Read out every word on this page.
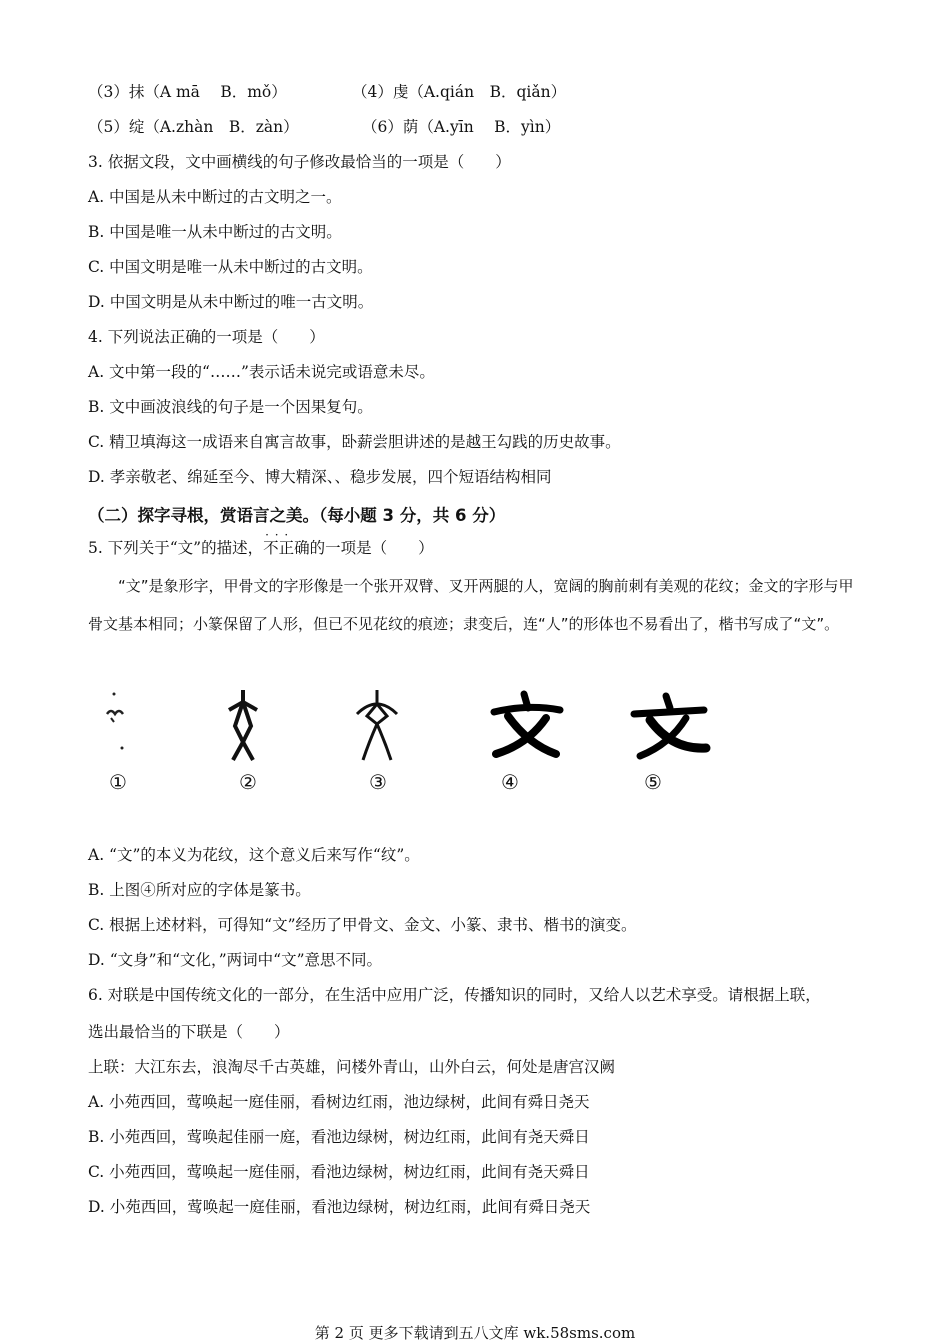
（3）抹（A mā　 B．mǒ）	（4）虔（A.qián　B．qiǎn）
（5）绽（A.zhàn　B．zàn）	（6）荫（A.yīn　 B．yìn）
3. 依据文段，文中画横线的句子修改最恰当的一项是（　　）
A. 中国是从未中断过的古文明之一。
B. 中国是唯一从未中断过的古文明。
C. 中国文明是唯一从未中断过的古文明。
D. 中国文明是从未中断过的唯一古文明。
4. 下列说法正确的一项是（　　）
A. 文中第一段的“……”表示话未说完或语意未尽。
B. 文中画波浪线的句子是一个因果复句。
C. 精卫填海这一成语来自寓言故事，卧薪尝胆讲述的是越王勾践的历史故事。
D. 孝亲敬老、绵延至今、博大精深、、稳步发展，四个短语结构相同
（二）探字寻根，赏语言之美。（每小题 3 分，共 6 分）
5. 下列关于“文”的描述，· · · 不正确的一项是（　　）

“文”是象形字，甲骨文的字形像是一个张开双臂、叉开两腿的人，宽阔的胸前刺有美观的花纹；金文的字形与甲骨文基本相同；小篆保留了人形，但已不见花纹的痕迹；隶变后，连“人”的形体也不易看出了，楷书写成了“文”。

①	②	③	④	⑤
A. “文”的本义为花纹，这个意义后来写作“纹”。
B. 上图④所对应的字体是篆书。
C. 根据上述材料，可得知“文”经历了甲骨文、金文、小篆、隶书、楷书的演变。
D. “文身”和“文化，”两词中“文”意思不同。
6. 对联是中国传统文化的一部分，在生活中应用广泛，传播知识的同时，又给人以艺术享受。请根据上联，
选出最恰当的下联是（　　）
上联：大江东去，浪淘尽千古英雄，问楼外青山，山外白云，何处是唐宫汉阙
A. 小苑西回，莺唤起一庭佳丽，看树边红雨，池边绿树，此间有舜日尧天
B. 小苑西回，莺唤起佳丽一庭，看池边绿树，树边红雨，此间有尧天舜日
C. 小苑西回，莺唤起一庭佳丽，看池边绿树，树边红雨，此间有尧天舜日
D. 小苑西回，莺唤起一庭佳丽，看池边绿树，树边红雨，此间有舜日尧天
第 2 页 更多下载请到五八文库 wk.58sms.com
